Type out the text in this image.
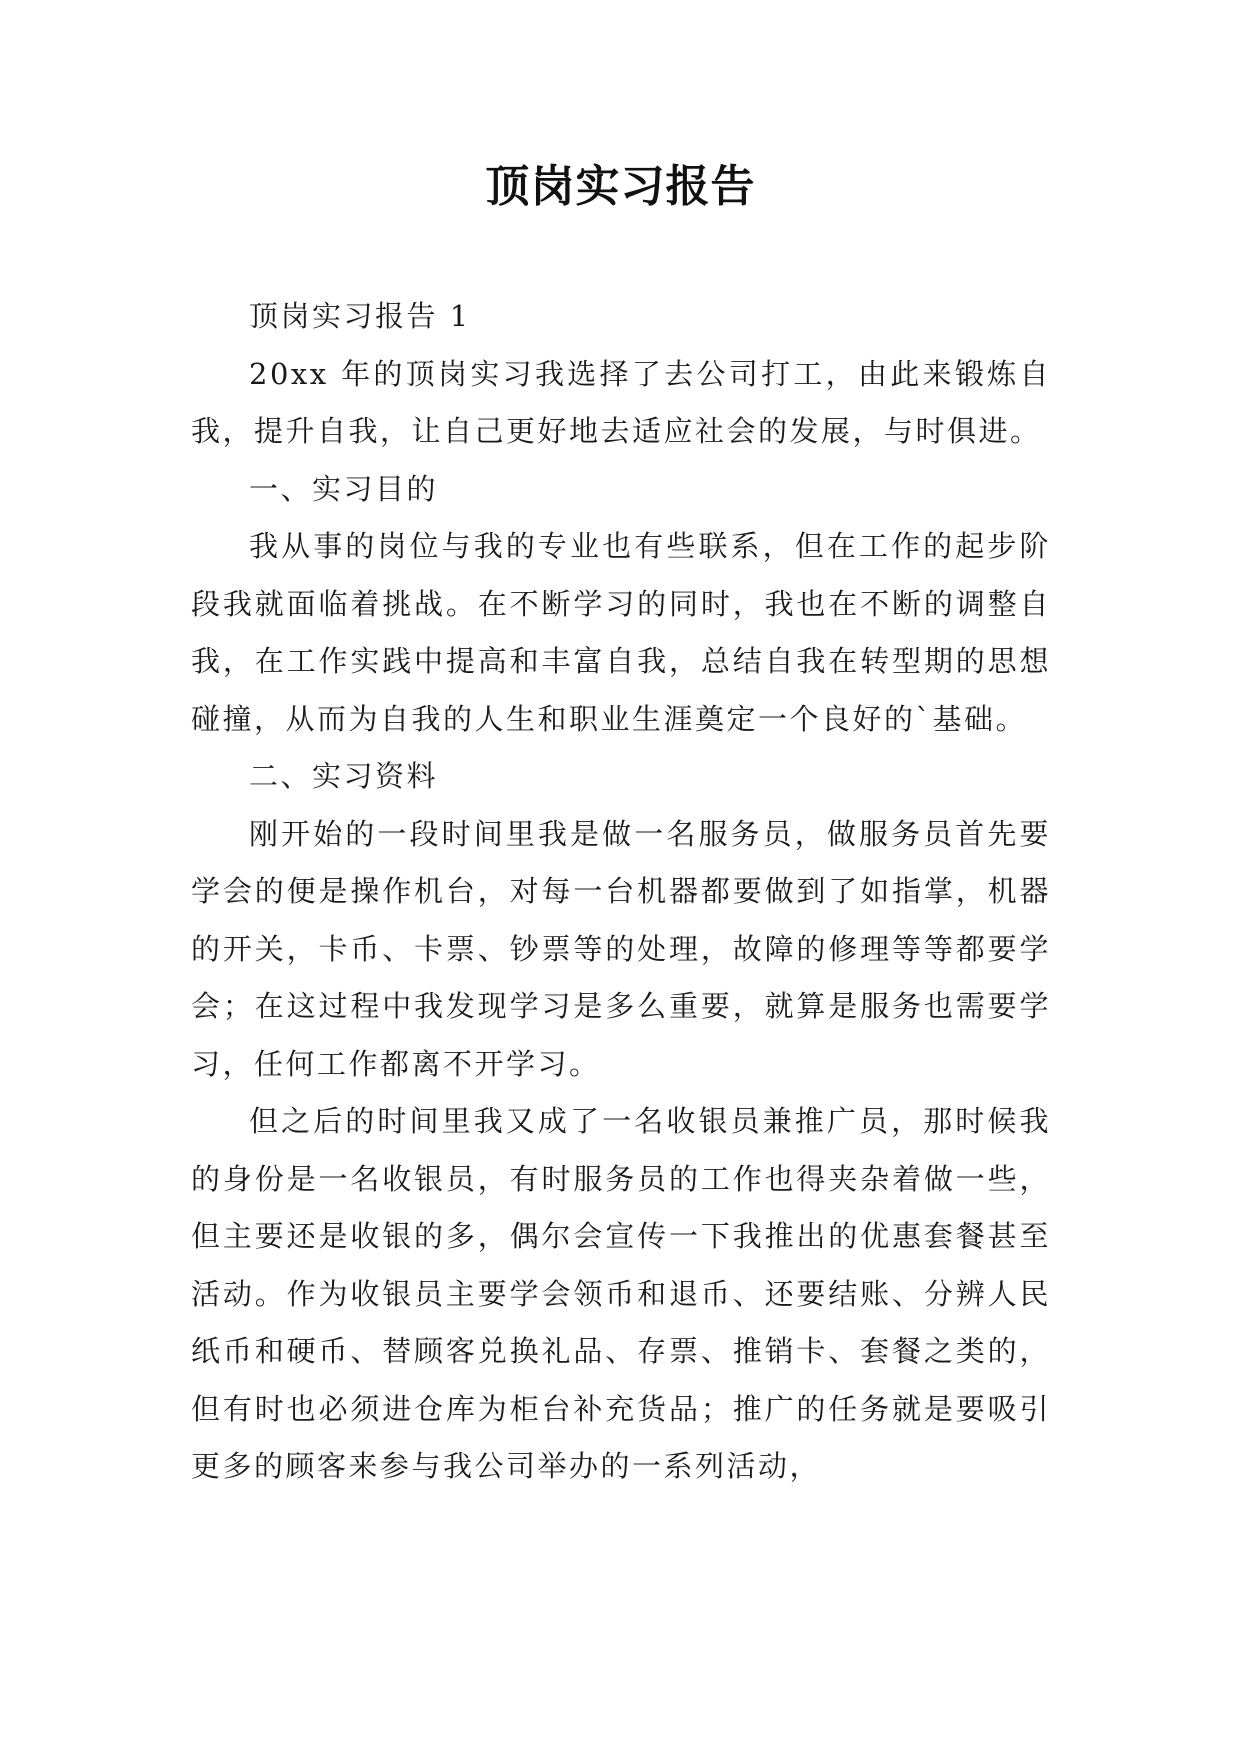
顶岗实习报告

顶岗实习报告 1

20xx 年的顶岗实习我选择了去公司打工，由此来锻炼自我，提升自我，让自己更好地去适应社会的发展，与时俱进。

一、实习目的

我从事的岗位与我的专业也有些联系，但在工作的起步阶段我就面临着挑战。在不断学习的同时，我也在不断的调整自我，在工作实践中提高和丰富自我，总结自我在转型期的思想碰撞，从而为自我的人生和职业生涯奠定一个良好的`基础。

二、实习资料

刚开始的一段时间里我是做一名服务员，做服务员首先要学会的便是操作机台，对每一台机器都要做到了如指掌，机器的开关，卡币、卡票、钞票等的处理，故障的修理等等都要学会；在这过程中我发现学习是多么重要，就算是服务也需要学习，任何工作都离不开学习。

但之后的时间里我又成了一名收银员兼推广员，那时候我的身份是一名收银员，有时服务员的工作也得夹杂着做一些，但主要还是收银的多，偶尔会宣传一下我推出的优惠套餐甚至活动。作为收银员主要学会领币和退币、还要结账、分辨人民纸币和硬币、替顾客兑换礼品、存票、推销卡、套餐之类的，但有时也必须进仓库为柜台补充货品；推广的任务就是要吸引更多的顾客来参与我公司举办的一系列活动，
